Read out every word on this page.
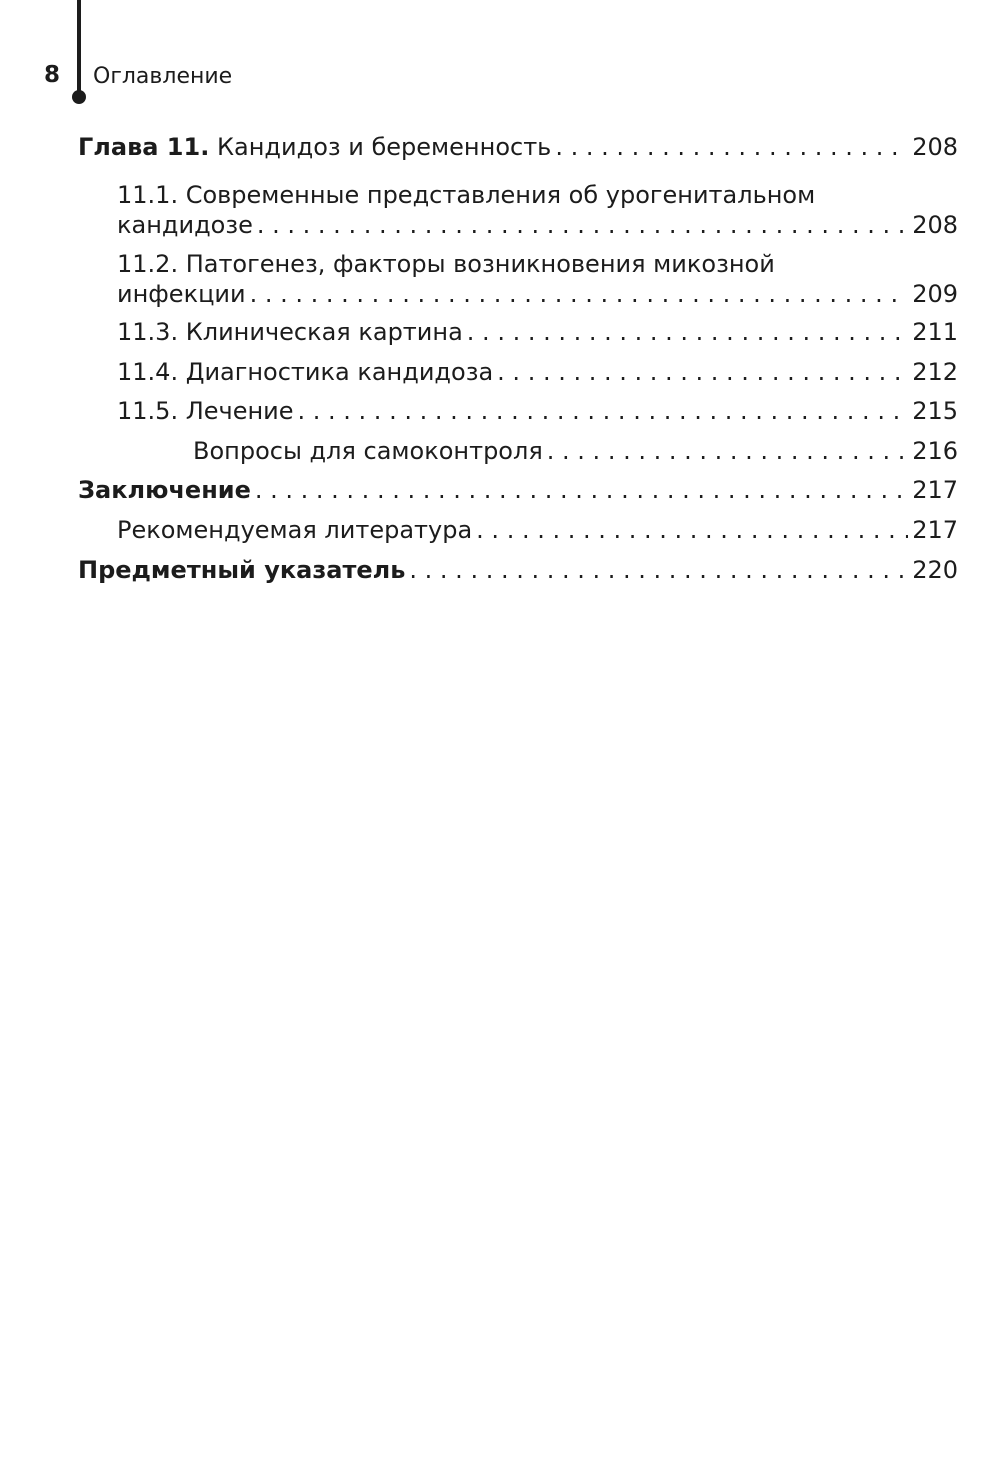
8 Оглавление
Глава 11. Кандидоз и беременность . . .	208
11.1. Современные представления об урогенитальном
кандидозе . . .	208
11.2. Патогенез, факторы возникновения микозной
инфекции . . .	209
11.3. Клиническая картина . . .	211
11.4. Диагностика кандидоза . . .	212
11.5. Лечение . . .	215
Вопросы для самоконтроля . . .	216
Заключение . . .	217
Рекомендуемая литература . . .	217
Предметный указатель . . .	220
